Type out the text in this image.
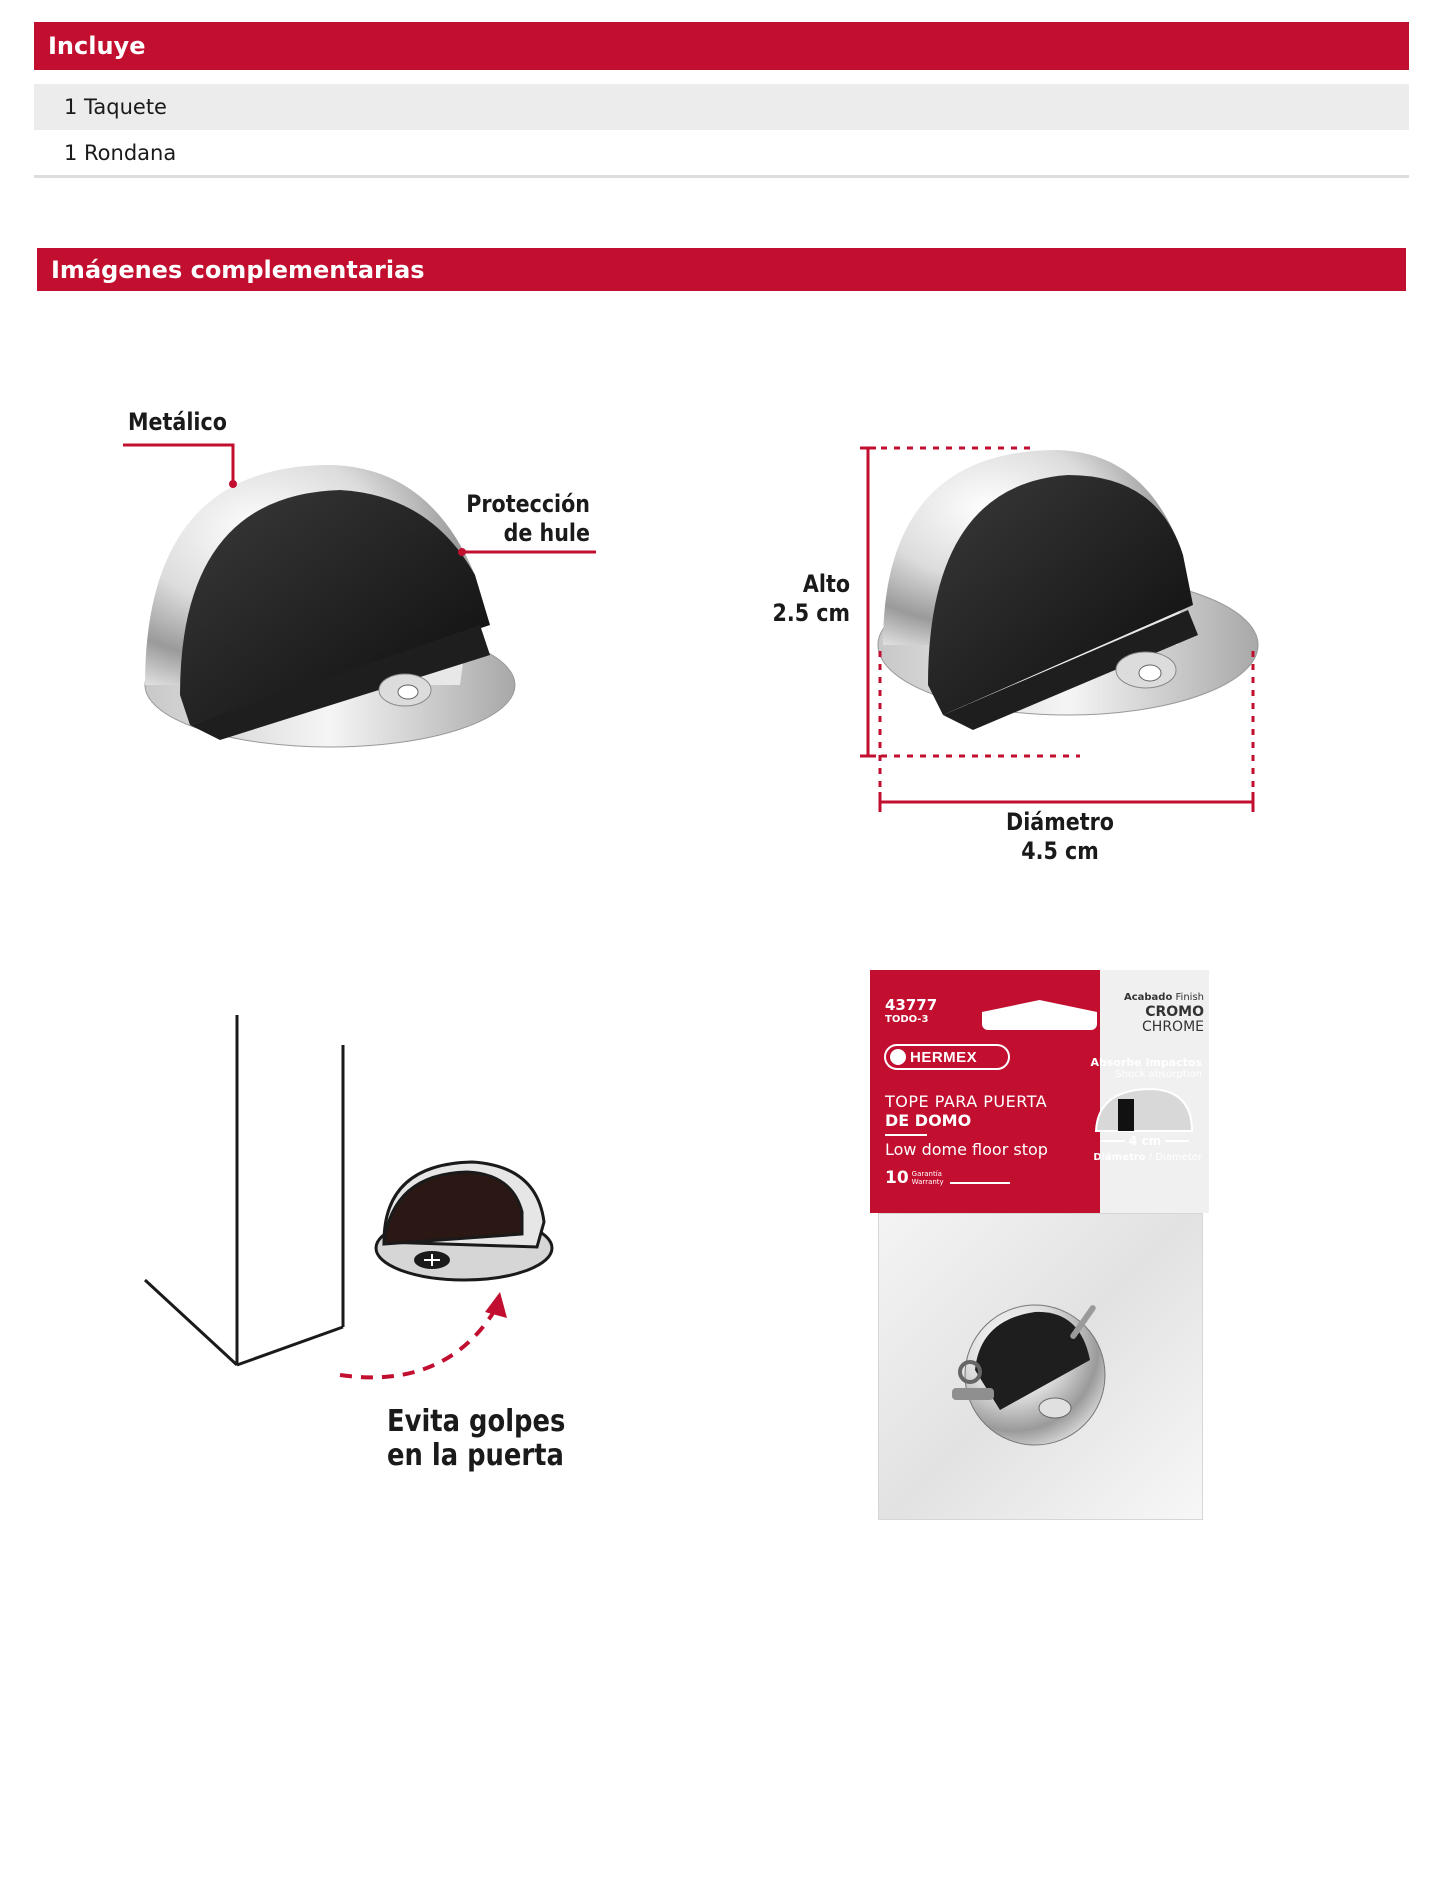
Incluye
1 Taquete
1 Rondana
Imágenes complementarias
Metálico
Protección
de hule
Alto
2.5 cm
Diámetro
4.5 cm
Evita golpes
en la puerta
43777
TODO-3
Acabado Finish
CROMO
CHROME
HERMEX
TOPE PARA PUERTA
DE DOMO
Low dome floor stop
10 Garantía
Warranty
Absorbe impactos
Shock absorption
4 cm
Diámetro / Diameter
